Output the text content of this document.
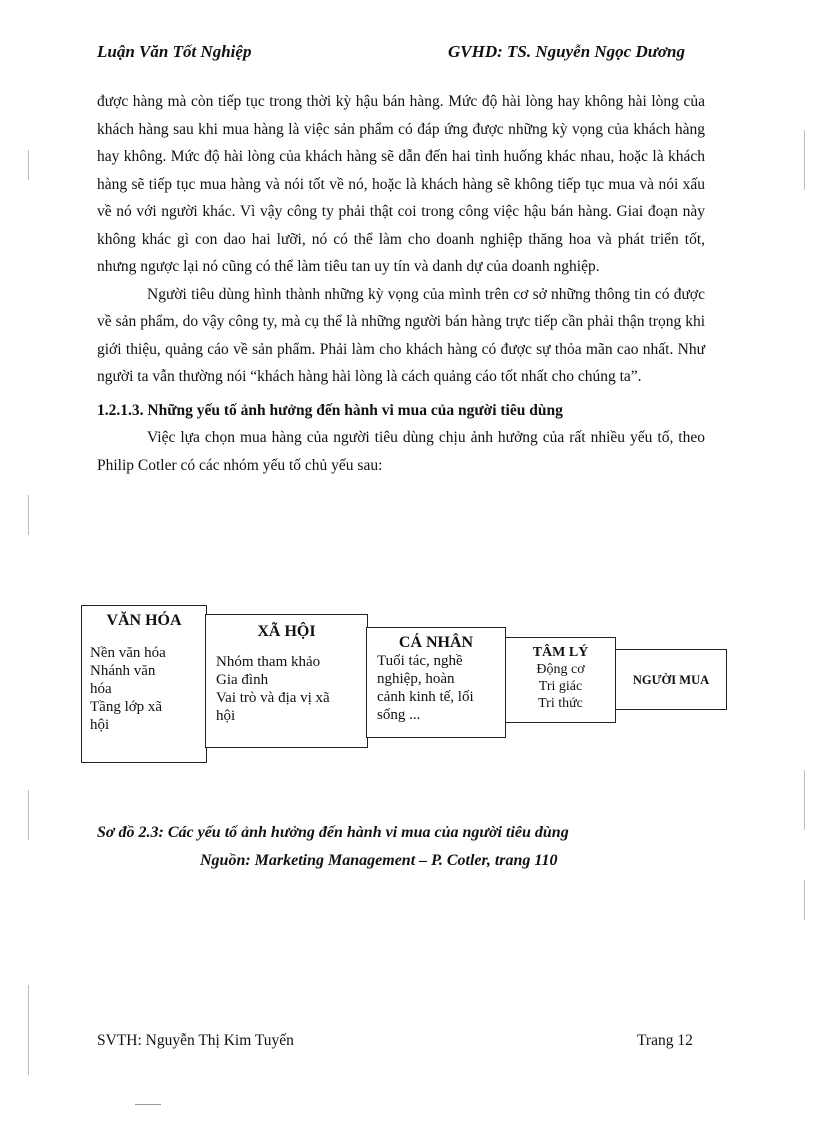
Luận Văn Tốt Nghiệp	GVHD: TS. Nguyễn Ngọc Dương

được hàng mà còn tiếp tục trong thời kỳ hậu bán hàng. Mức độ hài lòng hay không hài lòng của khách hàng sau khi mua hàng là việc sản phẩm có đáp ứng được những kỳ vọng của khách hàng hay không. Mức độ hài lòng của khách hàng sẽ dẫn đến hai tình huống khác nhau, hoặc là khách hàng sẽ tiếp tục mua hàng và nói tốt về nó, hoặc là khách hàng sẽ không tiếp tục mua và nói xấu về nó với người khác. Vì vậy công ty phải thật coi trong công việc hậu bán hàng. Giai đoạn này không khác gì con dao hai lưỡi, nó có thể làm cho doanh nghiệp thăng hoa và phát triển tốt, nhưng ngược lại nó cũng có thể làm tiêu tan uy tín và danh dự của doanh nghiệp.

Người tiêu dùng hình thành những kỳ vọng của mình trên cơ sở những thông tin có được về sản phẩm, do vậy công ty, mà cụ thể là những người bán hàng trực tiếp cần phải thận trọng khi giới thiệu, quảng cáo về sản phẩm. Phải làm cho khách hàng có được sự thỏa mãn cao nhất. Như người ta vẫn thường nói “khách hàng hài lòng là cách quảng cáo tốt nhất cho chúng ta”.

1.2.1.3. Những yếu tố ảnh hưởng đến hành vi mua của người tiêu dùng

Việc lựa chọn mua hàng của người tiêu dùng chịu ảnh hưởng của rất nhiều yếu tố, theo Philip Cotler có các nhóm yếu tố chủ yếu sau:

VĂN HÓA
Nền văn hóa
Nhánh văn
hóa
Tầng lớp xã
hội
XÃ HỘI
Nhóm tham khảo
Gia đình
Vai trò và địa vị xã
hội
CÁ NHÂN
Tuổi tác, nghề
nghiệp, hoàn
cảnh kinh tế, lối
sống ...
TÂM LÝ
Động cơ
Tri giác
Tri thức
NGƯỜI MUA
Sơ đồ 2.3: Các yếu tố ảnh hưởng đến hành vi mua của người tiêu dùng
Nguồn: Marketing Management – P. Cotler, trang 110
SVTH: Nguyễn Thị Kim Tuyến	Trang 12
